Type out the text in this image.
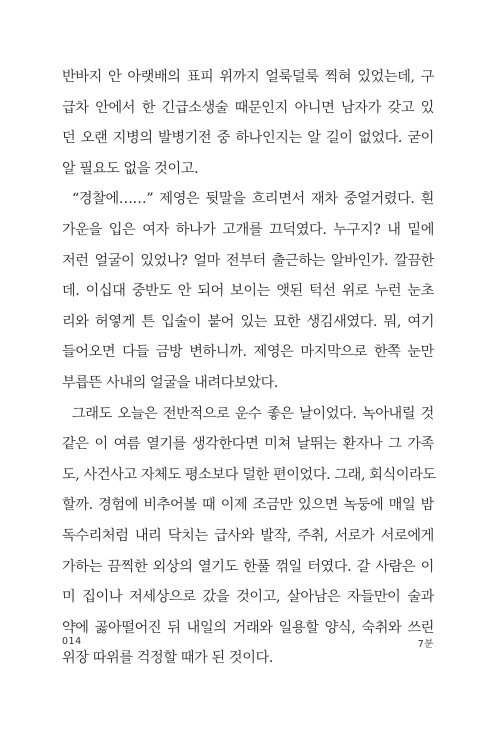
반바지 안 아랫배의 표피 위까지 얼룩덜룩 찍혀 있었는데, 구
급차 안에서 한 긴급소생술 때문인지 아니면 남자가 갖고 있
던 오랜 지병의 발병기전 중 하나인지는 알 길이 없었다. 굳이
알 필요도 없을 것이고.

“경찰에……” 제영은 뒷말을 흐리면서 재차 중얼거렸다. 흰
가운을 입은 여자 하나가 고개를 끄덕였다. 누구지? 내 밑에
저런 얼굴이 있었나? 얼마 전부터 출근하는 알바인가. 깔끔한
데. 이십대 중반도 안 되어 보이는 앳된 턱선 위로 누런 눈초
리와 허옇게 튼 입술이 붙어 있는 묘한 생김새였다. 뭐, 여기
들어오면 다들 금방 변하니까. 제영은 마지막으로 한쪽 눈만
부릅뜬 사내의 얼굴을 내려다보았다.

그래도 오늘은 전반적으로 운수 좋은 날이었다. 녹아내릴 것
같은 이 여름 열기를 생각한다면 미쳐 날뛰는 환자나 그 가족
도, 사건사고 자체도 평소보다 덜한 편이었다. 그래, 회식이라도
할까. 경험에 비추어볼 때 이제 조금만 있으면 녹둥에 매일 밤
독수리처럼 내리 닥치는 급사와 발작, 주취, 서로가 서로에게
가하는 끔찍한 외상의 열기도 한풀 꺾일 터였다. 갈 사람은 이
미 집이나 저세상으로 갔을 것이고, 살아남은 자들만이 술과
약에 곯아떨어진 뒤 내일의 거래와 일용할 양식, 숙취와 쓰린
위장 따위를 걱정할 때가 된 것이다.

014	7분
